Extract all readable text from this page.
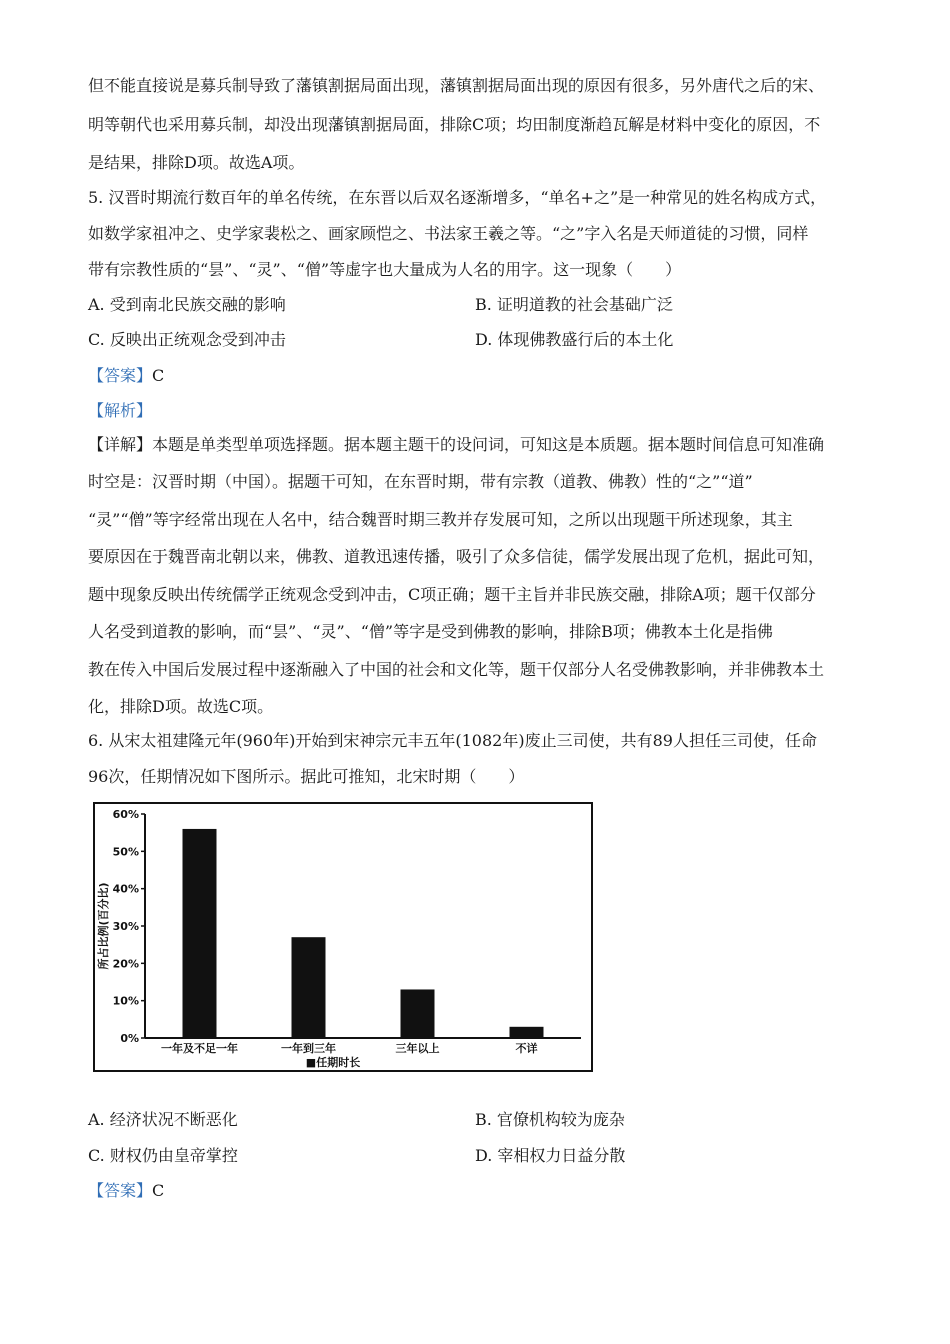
但不能直接说是募兵制导致了藩镇割据局面出现，藩镇割据局面出现的原因有很多，另外唐代之后的宋、
明等朝代也采用募兵制，却没出现藩镇割据局面，排除C项；均田制度渐趋瓦解是材料中变化的原因，不
是结果，排除D项。故选A项。
5. 汉晋时期流行数百年的单名传统，在东晋以后双名逐渐增多，“单名+之”是一种常见的姓名构成方式，
如数学家祖冲之、史学家裴松之、画家顾恺之、书法家王羲之等。“之”字入名是天师道徒的习惯，同样
带有宗教性质的“昙”、“灵”、“僧”等虚字也大量成为人名的用字。这一现象（　　）
A. 受到南北民族交融的影响	B. 证明道教的社会基础广泛
C. 反映出正统观念受到冲击	D. 体现佛教盛行后的本土化
【答案】C
【解析】
【详解】本题是单类型单项选择题。据本题主题干的设问词，可知这是本质题。据本题时间信息可知准确
时空是：汉晋时期（中国）。据题干可知，在东晋时期，带有宗教（道教、佛教）性的“之”“道”
“灵”“僧”等字经常出现在人名中，结合魏晋时期三教并存发展可知，之所以出现题干所述现象，其主
要原因在于魏晋南北朝以来，佛教、道教迅速传播，吸引了众多信徒，儒学发展出现了危机，据此可知，
题中现象反映出传统儒学正统观念受到冲击，C项正确；题干主旨并非民族交融，排除A项；题干仅部分
人名受到道教的影响，而“昙”、“灵”、“僧”等字是受到佛教的影响，排除B项；佛教本土化是指佛
教在传入中国后发展过程中逐渐融入了中国的社会和文化等，题干仅部分人名受佛教影响，并非佛教本土
化，排除D项。故选C项。
6. 从宋太祖建隆元年(960年)开始到宋神宗元丰五年(1082年)废止三司使，共有89人担任三司使，任命
96次，任期情况如下图所示。据此可推知，北宋时期（　　）
0%
10%
20%
30%
40%
50%
60%
所占比例(百分比)
一年及不足一年	一年到三年	三年以上	不详
■任期时长
A. 经济状况不断恶化	B. 官僚机构较为庞杂
C. 财权仍由皇帝掌控	D. 宰相权力日益分散
【答案】C
